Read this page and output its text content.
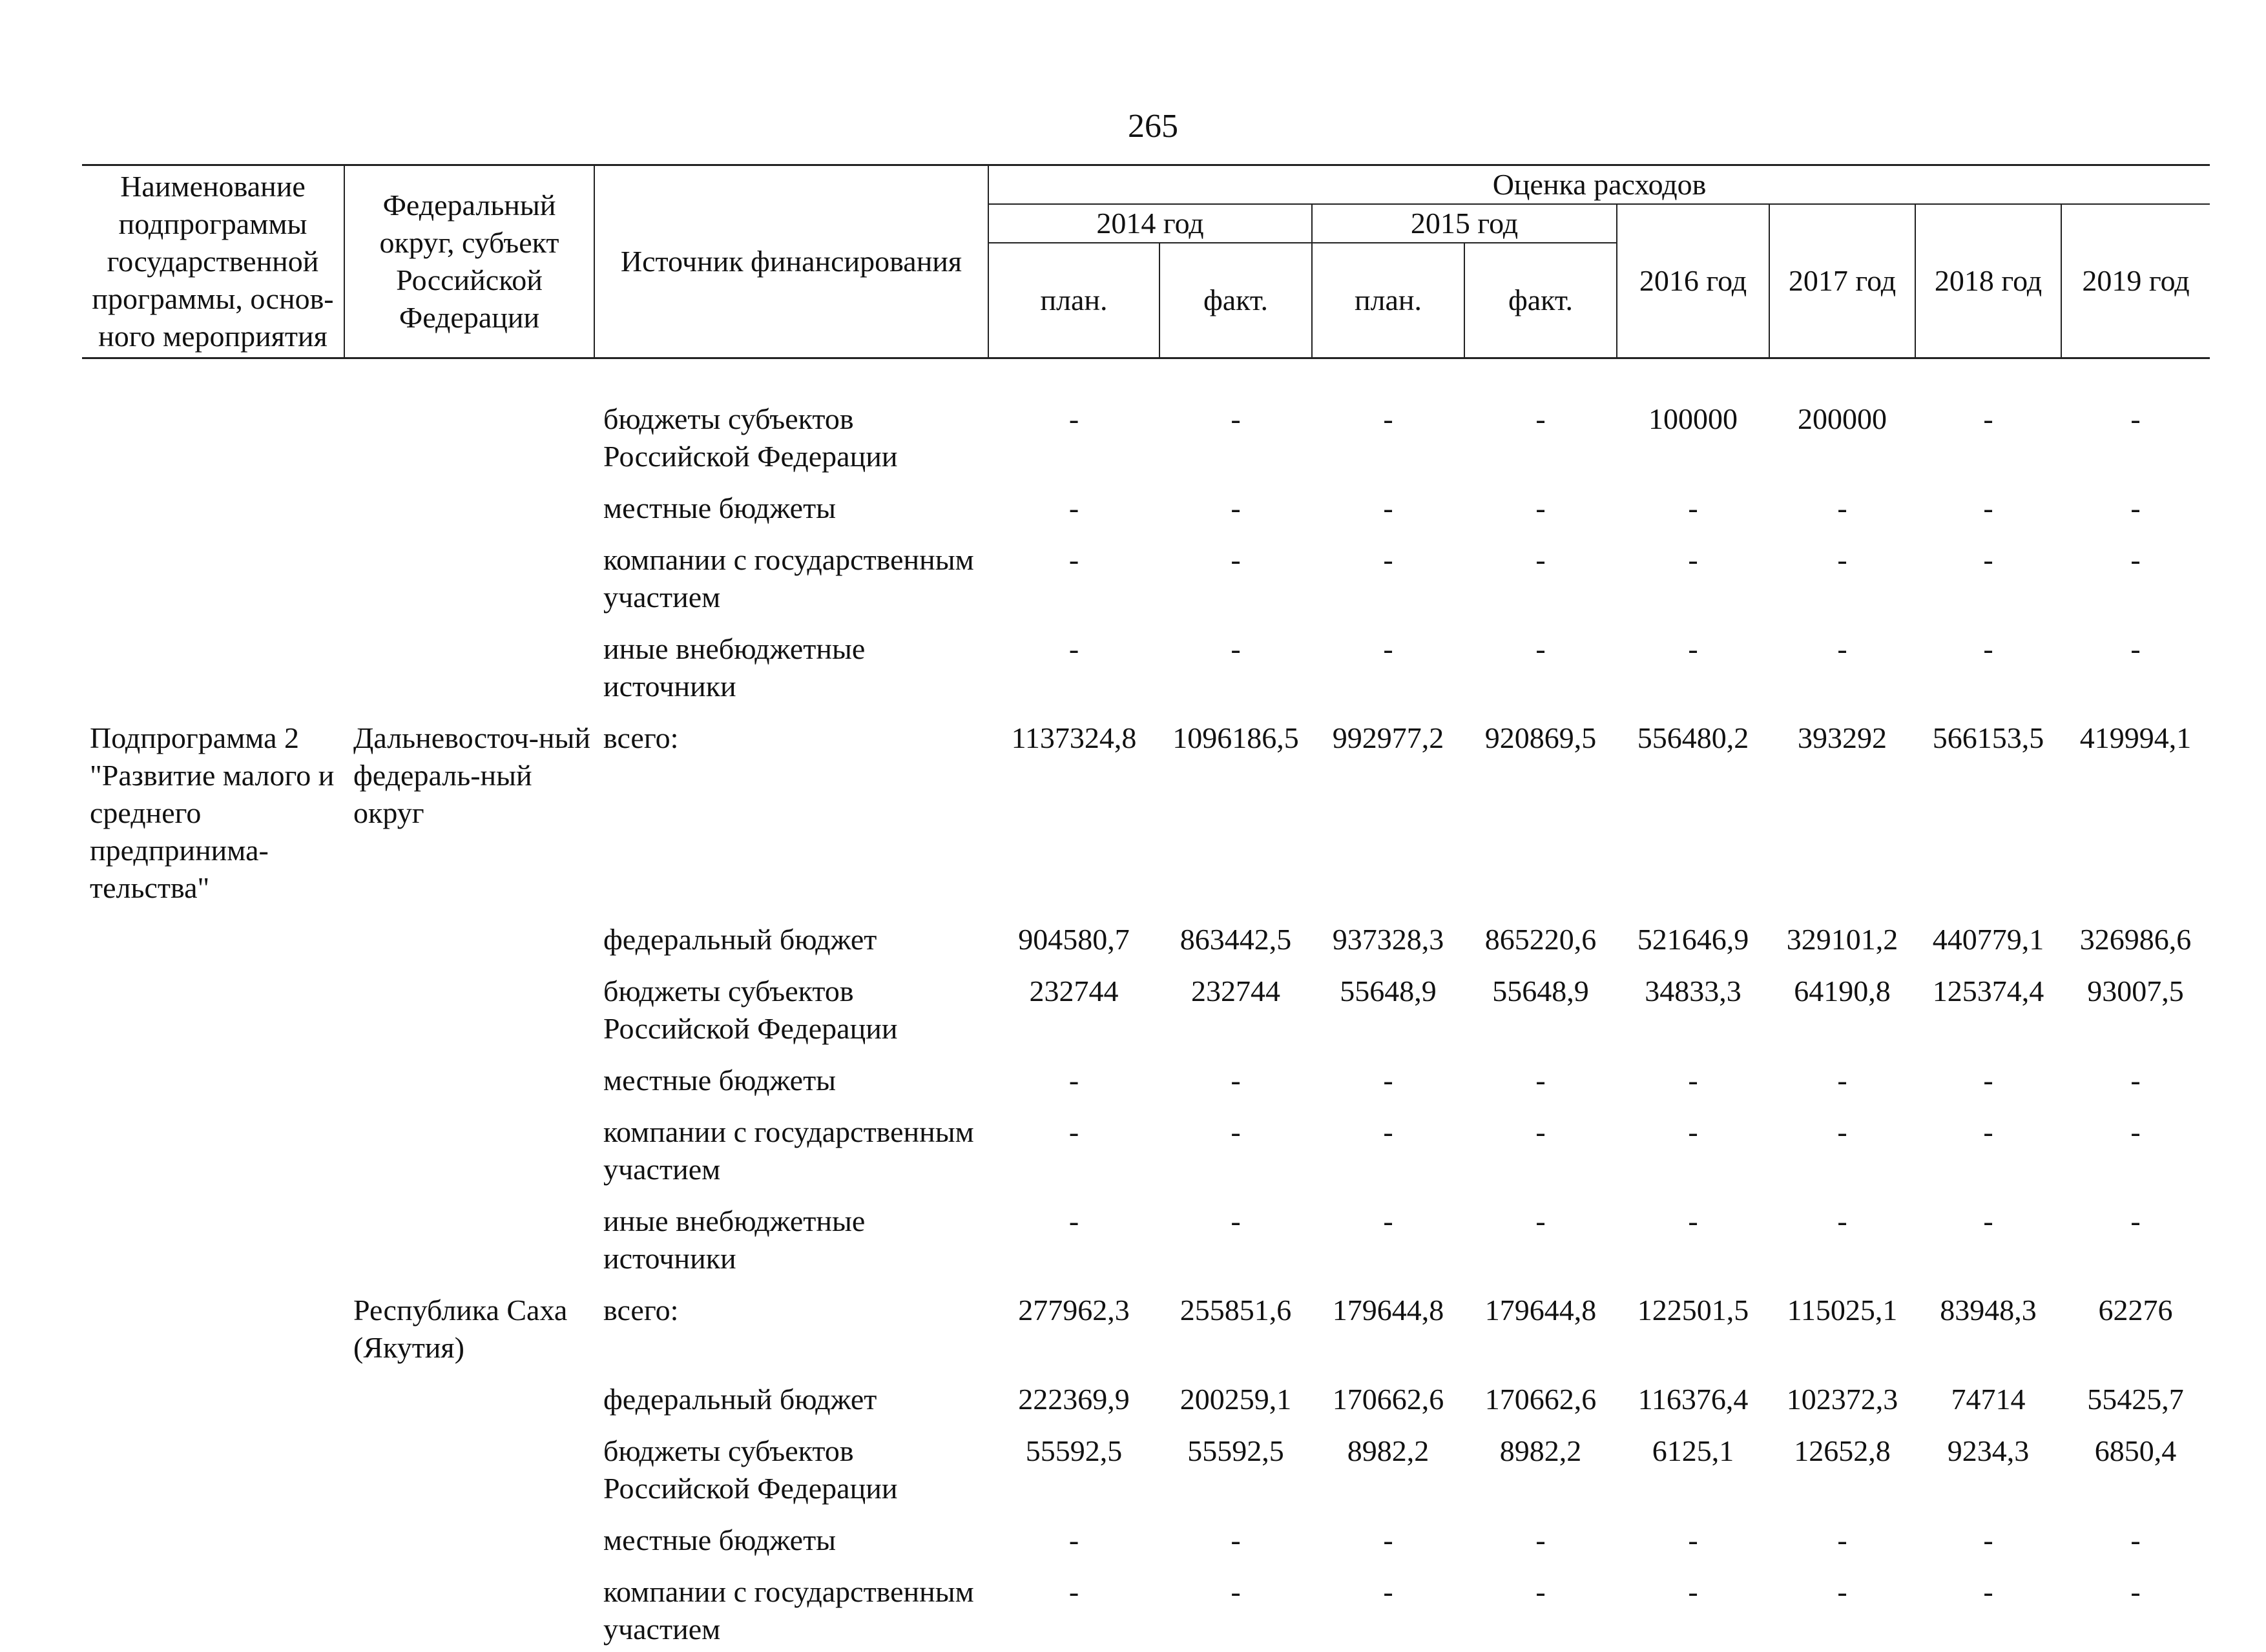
265
Наименование подпрограммы государственной программы, основ-ного мероприятия	Федеральный округ, субъект Российской Федерации	Источник финансирования	Оценка расходов							
			2014 год		2015 год		2016 год	2017 год	2018 год	2019 год
			план.	факт.	план.	факт.				

		бюджеты субъектов Российской Федерации	-	-	-	-	100000	200000	-	-
		местные бюджеты	-	-	-	-	-	-	-	-
		компании с государственным участием	-	-	-	-	-	-	-	-
		иные внебюджетные источники	-	-	-	-	-	-	-	-
Подпрограмма 2 "Развитие малого и среднего предпринима-тельства"	Дальневосточ-ный федераль-ный округ	всего:	1137324,8	1096186,5	992977,2	920869,5	556480,2	393292	566153,5	419994,1
		федеральный бюджет	904580,7	863442,5	937328,3	865220,6	521646,9	329101,2	440779,1	326986,6
		бюджеты субъектов Российской Федерации	232744	232744	55648,9	55648,9	34833,3	64190,8	125374,4	93007,5
		местные бюджеты	-	-	-	-	-	-	-	-
		компании с государственным участием	-	-	-	-	-	-	-	-
		иные внебюджетные источники	-	-	-	-	-	-	-	-
	Республика Саха (Якутия)	всего:	277962,3	255851,6	179644,8	179644,8	122501,5	115025,1	83948,3	62276
		федеральный бюджет	222369,9	200259,1	170662,6	170662,6	116376,4	102372,3	74714	55425,7
		бюджеты субъектов Российской Федерации	55592,5	55592,5	8982,2	8982,2	6125,1	12652,8	9234,3	6850,4
		местные бюджеты	-	-	-	-	-	-	-	-
		компании с государственным участием	-	-	-	-	-	-	-	-
